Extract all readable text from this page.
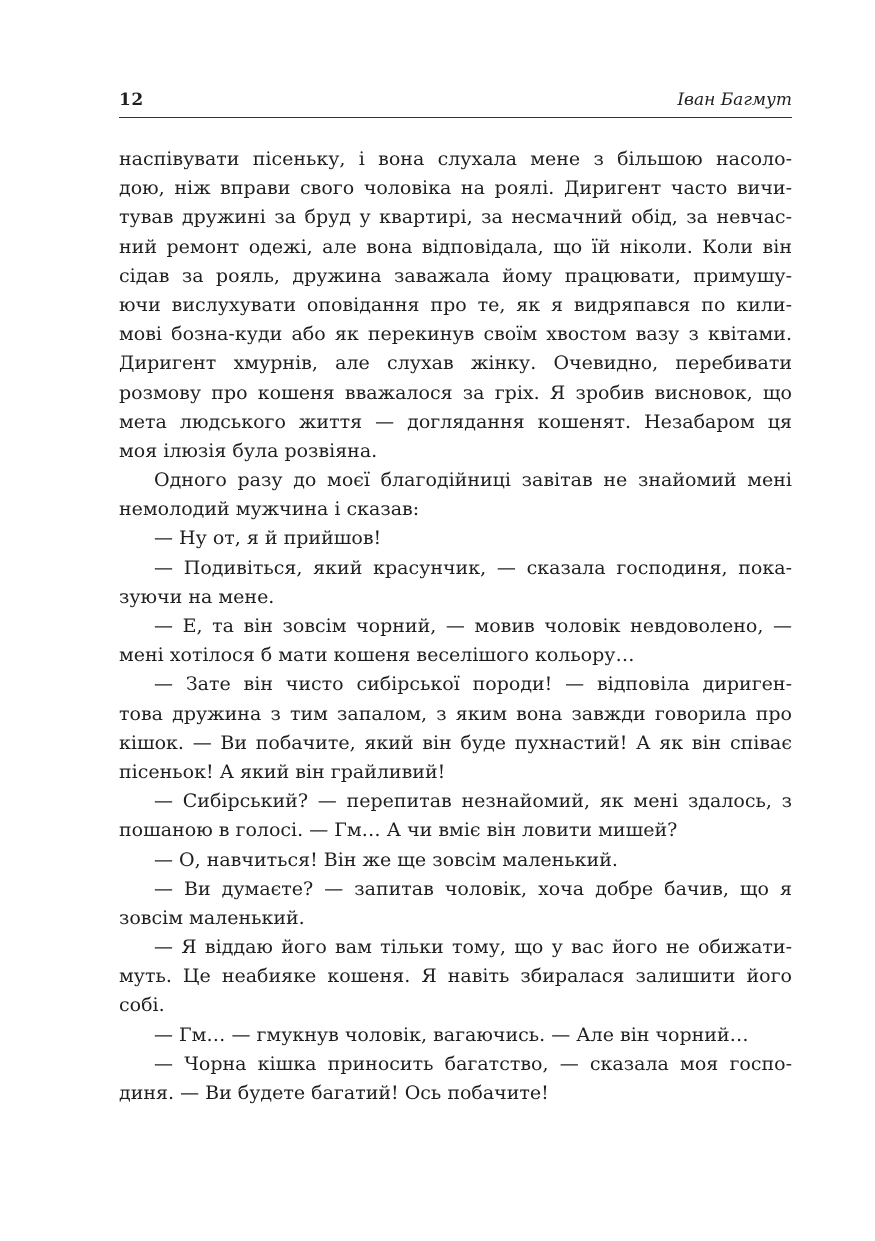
12	Іван Багмут
наспівувати пісеньку, і вона слухала мене з більшою насоло-
дою, ніж вправи свого чоловіка на роялі. Диригент часто вичи-
тував дружині за бруд у квартирі, за несмачний обід, за невчас-
ний ремонт одежі, але вона відповідала, що їй ніколи. Коли він
сідав за рояль, дружина заважала йому працювати, примушу-
ючи вислухувати оповідання про те, як я видряпався по кили-
мові бозна-куди або як перекинув своїм хвостом вазу з квітами.
Диригент хмурнів, але слухав жінку. Очевидно, перебивати
розмову про кошеня вважалося за гріх. Я зробив висновок, що
мета людського життя — доглядання кошенят. Незабаром ця
моя ілюзія була розвіяна.
Одного разу до моєї благодійниці завітав не знайомий мені
немолодий мужчина і сказав:
— Ну от, я й прийшов!
— Подивіться, який красунчик, — сказала господиня, пока-
зуючи на мене.
— Е, та він зовсім чорний, — мовив чоловік невдоволено, —
мені хотілося б мати кошеня веселішого кольору…
— Зате він чисто сибірської породи! — відповіла дириген-
това дружина з тим запалом, з яким вона завжди говорила про
кішок. — Ви побачите, який він буде пухнастий! А як він співає
пісеньок! А який він грайливий!
— Сибірський? — перепитав незнайомий, як мені здалось, з
пошаною в голосі. — Гм… А чи вміє він ловити мишей?
— О, навчиться! Він же ще зовсім маленький.
— Ви думаєте? — запитав чоловік, хоча добре бачив, що я
зовсім маленький.
— Я віддаю його вам тільки тому, що у вас його не обижати-
муть. Це неабияке кошеня. Я навіть збиралася залишити його
собі.
— Гм… — гмукнув чоловік, вагаючись. — Але він чорний…
— Чорна кішка приносить багатство, — сказала моя госпо-
диня. — Ви будете багатий! Ось побачите!
